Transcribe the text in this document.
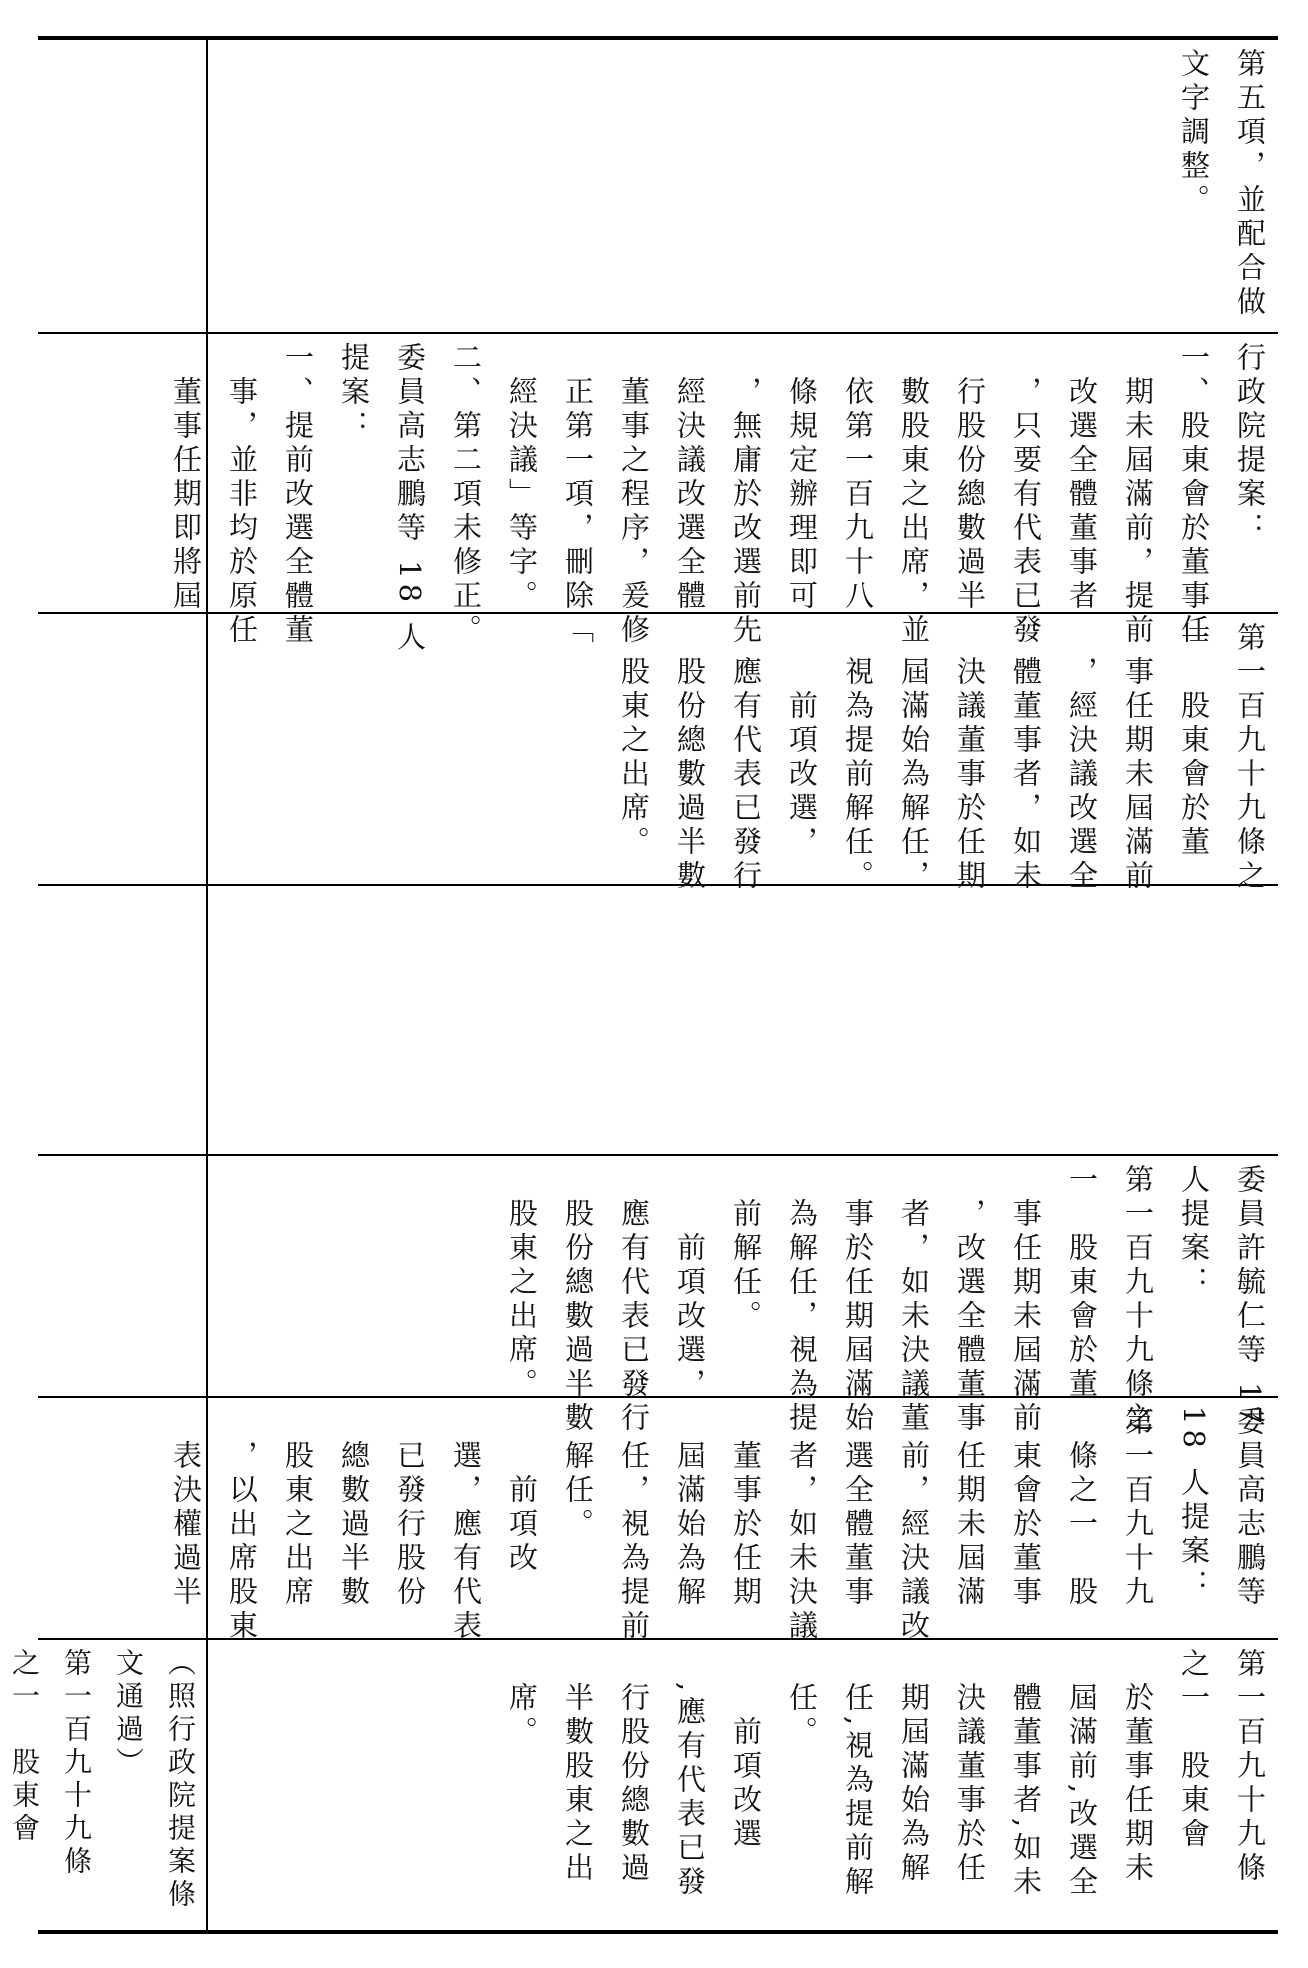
第五項，並配合做
文字調整。
行政院提案：
一、股東會於董事任
　期未屆滿前，提前
　改選全體董事者
　，只要有代表已發
　行股份總數過半
　數股東之出席，並
　依第一百九十八
　條規定辦理即可
　，無庸於改選前先
　經決議改選全體
　董事之程序，爰修
　正第一項，刪除「
　經決議」等字。
二、第二項未修正。
委員高志鵬等 18 人
提案：
一、提前改選全體董
　事，並非均於原任
　董事任期即將屆
第一百九十九條之
一　股東會於董
　事任期未屆滿前
　，經決議改選全
　體董事者，如未
　決議董事於任期
　屆滿始為解任，
　視為提前解任。
　　前項改選，
　應有代表已發行
　股份總數過半數
　股東之出席。
委員許毓仁等 17
人提案：
第一百九十九條之
一　股東會於董
　事任期未屆滿前
　，改選全體董事
　者，如未決議董
　事於任期屆滿始
　為解任，視為提
　前解任。
　　前項改選，
　應有代表已發行
　股份總數過半數
　股東之出席。
委員高志鵬等
18 人提案：
第一百九十九
　條之一　股
　東會於董事
　任期未屆滿
　前，經決議改
　選全體董事
　者，如未決議
　董事於任期
　屆滿始為解
　任，視為提前
　解任。
　　前項改
　選，應有代表
　已發行股份
　總數過半數
　股東之出席
　，以出席股東
　表決權過半
第一百九十九條
之一　股東會
　於董事任期未
　屆滿前,改選全
　體董事者,如未
　決議董事於任
　期屆滿始為解
　任,視為提前解
　任。
　　前項改選
　,應有代表已發
　行股份總數過
　半數股東之出
　席。
（照行政院提案條
文通過）
第一百九十九條
之一　股東會
